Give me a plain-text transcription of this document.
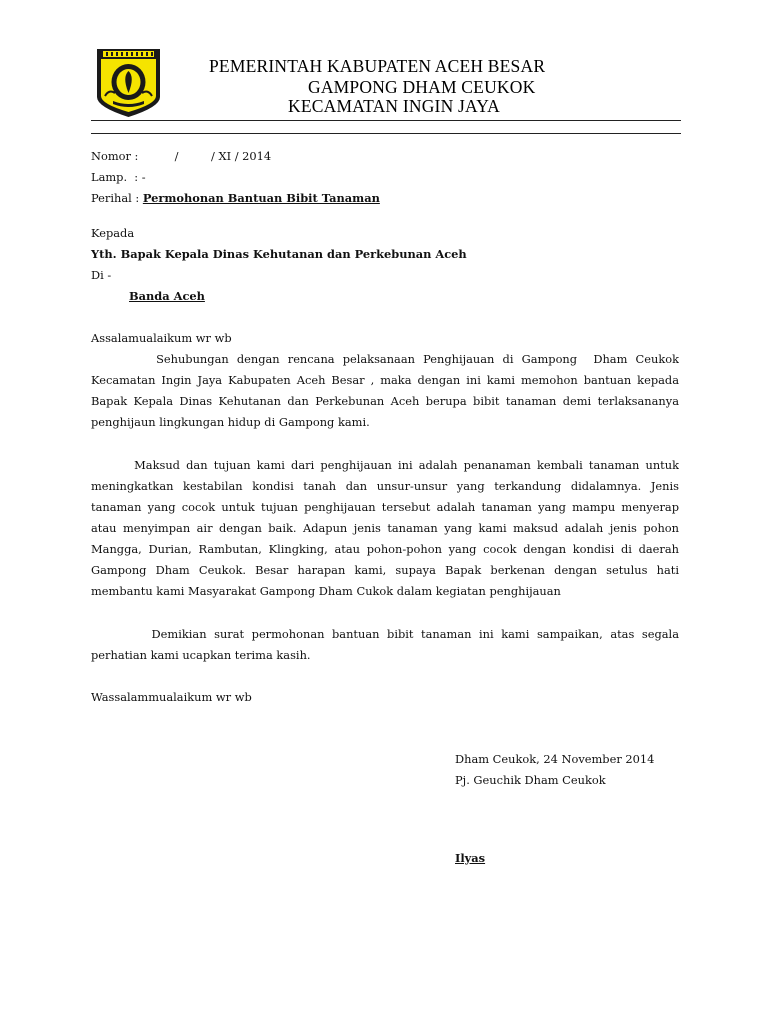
PEMERINTAH KABUPATEN ACEH BESAR
GAMPONG DHAM CEUKOK
KECAMATAN INGIN JAYA
Nomor :          /         / XI / 2014
Lamp.  : -
Perihal : Permohonan Bantuan Bibit Tanaman
Kepada
Yth. Bapak Kepala Dinas Kehutanan dan Perkebunan Aceh
Di -
Banda Aceh
Assalamualaikum wr wb
Sehubungan dengan rencana pelaksanaan Penghijauan di Gampong  Dham Ceukok
Kecamatan Ingin Jaya Kabupaten Aceh Besar , maka dengan ini kami memohon bantuan kepada
Bapak Kepala Dinas Kehutanan dan Perkebunan Aceh berupa bibit tanaman demi terlaksananya
penghijaun lingkungan hidup di Gampong kami.
Maksud dan tujuan kami dari penghijauan ini adalah penanaman kembali tanaman untuk
meningkatkan kestabilan kondisi tanah dan unsur-unsur yang terkandung didalamnya. Jenis
tanaman yang cocok untuk tujuan penghijauan tersebut adalah tanaman yang mampu menyerap
atau menyimpan air dengan baik. Adapun jenis tanaman yang kami maksud adalah jenis pohon
Mangga, Durian, Rambutan, Klingking, atau pohon-pohon yang cocok dengan kondisi di daerah
Gampong Dham Ceukok. Besar harapan kami, supaya Bapak berkenan dengan setulus hati
membantu kami Masyarakat Gampong Dham Cukok dalam kegiatan penghijauan
Demikian surat permohonan bantuan bibit tanaman ini kami sampaikan, atas segala
perhatian kami ucapkan terima kasih.
Wassalammualaikum wr wb
Dham Ceukok, 24 November 2014
Pj. Geuchik Dham Ceukok
Ilyas
